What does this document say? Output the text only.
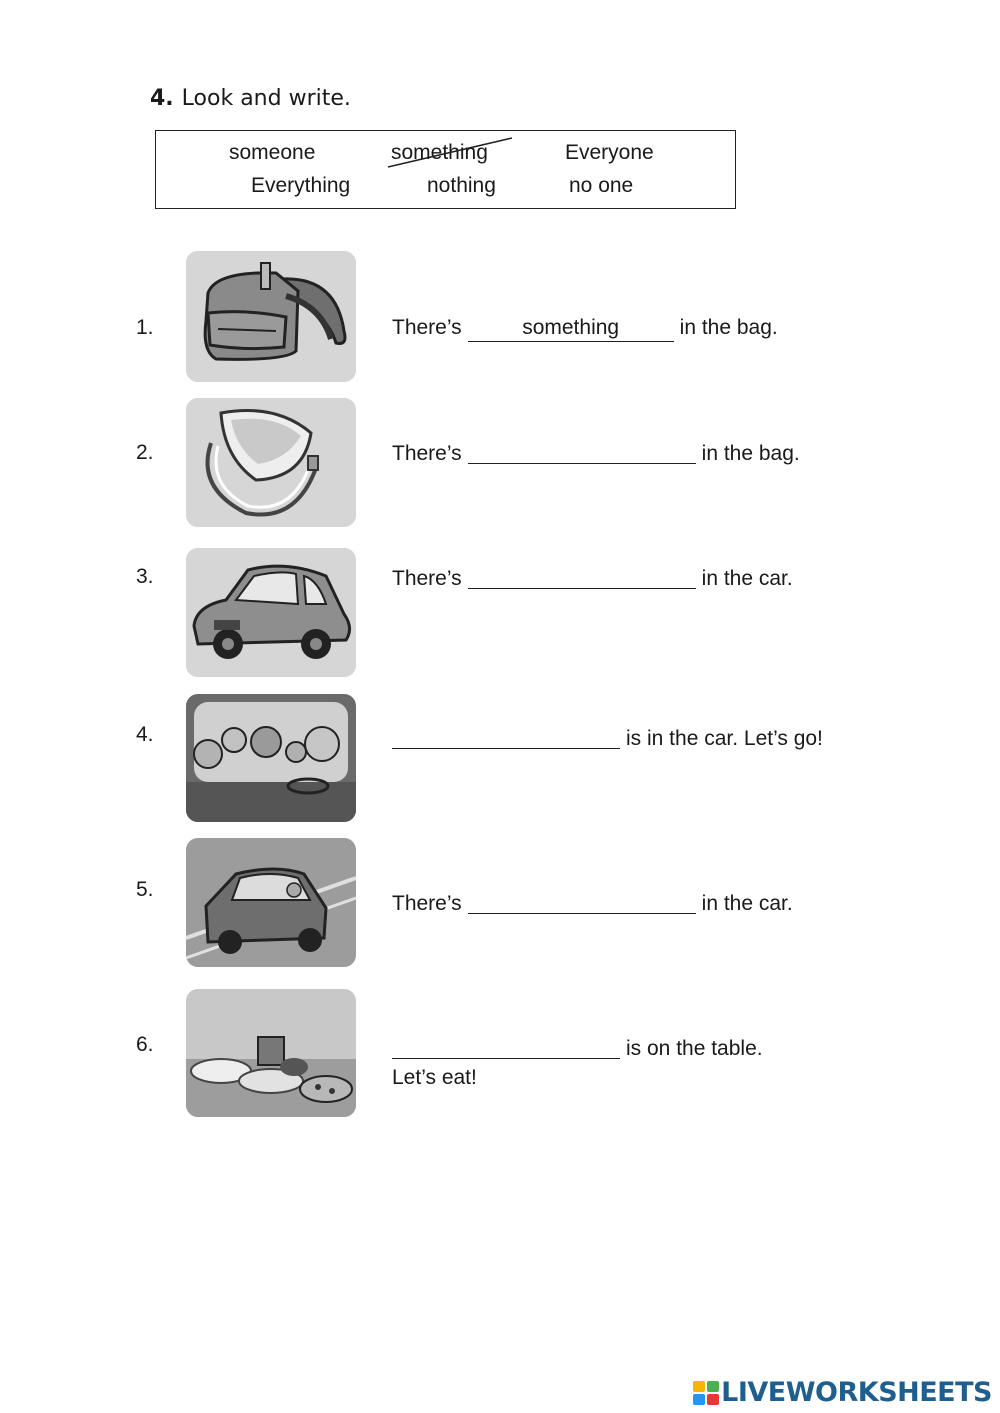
4. Look and write.
someone	something	Everyone
Everything	nothing	no one
1.	There’s	something	in the bag.
2.	There’s	in the bag.
3.	There’s	in the car.
4.	is in the car. Let’s go!
5.
There’s	in the car.
6.	is on the table.
Let’s eat!
LIVEWORKSHEETS
